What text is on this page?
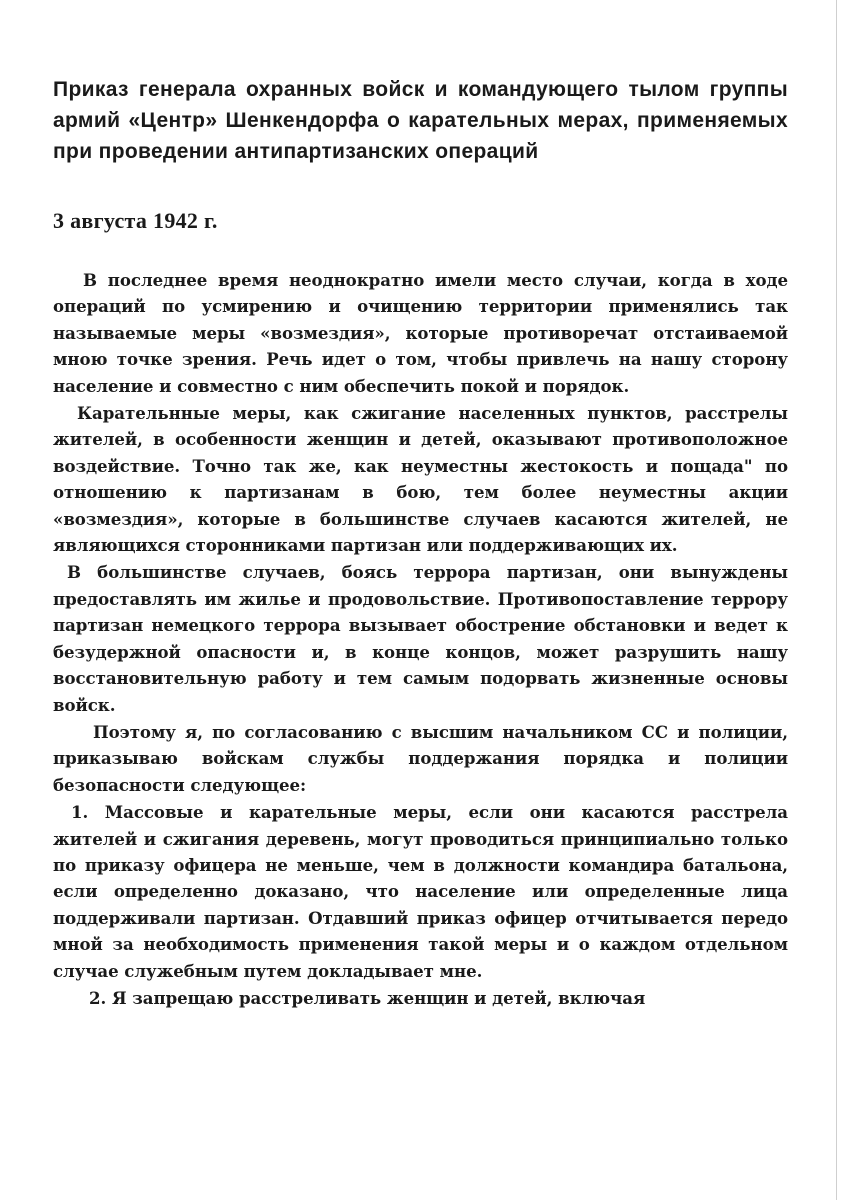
Приказ генерала охранных войск и командующего тылом группы армий «Центр» Шенкендорфа о карательных мерах, применяемых при проведении антипартизанских операций
3 августа 1942 г.

В последнее время неоднократно имели место случаи, когда в ходе операций по усмирению и очищению территории применялись так называемые меры «возмездия», которые противоречат отстаиваемой мною точке зрения. Речь идет о том, чтобы привлечь на нашу сторону население и совместно с ним обеспечить покой и порядок.

Карательнные меры, как сжигание населенных пунктов, расстрелы жителей, в особенности женщин и детей, оказывают противоположное воздействие. Точно так же, как неуместны жестокость и пощада" по отношению к партизанам в бою, тем более неуместны акции «возмездия», которые в большинстве случаев касаются жителей, не являющихся сторонниками партизан или поддерживающих их.

В большинстве случаев, боясь террора партизан, они вынуждены предоставлять им жилье и продовольствие. Противопоставление террору партизан немецкого террора вызывает обострение обстановки и ведет к безудержной опасности и, в конце концов, может разрушить нашу восстановительную работу и тем самым подорвать жизненные основы войск.

Поэтому я, по согласованию с высшим начальником СС и полиции, приказываю войскам службы поддержания порядка и полиции безопасности следующее:

1. Массовые и карательные меры, если они касаются расстрела жителей и сжигания деревень, могут проводиться принципиально только по приказу офицера не меньше, чем в должности командира батальона, если определенно доказано, что население или определенные лица поддерживали партизан. Отдавший приказ офицер отчитывается передо мной за необходимость применения такой меры и о каждом отдельном случае служебным путем докладывает мне.

2. Я запрещаю расстреливать женщин и детей, включая
